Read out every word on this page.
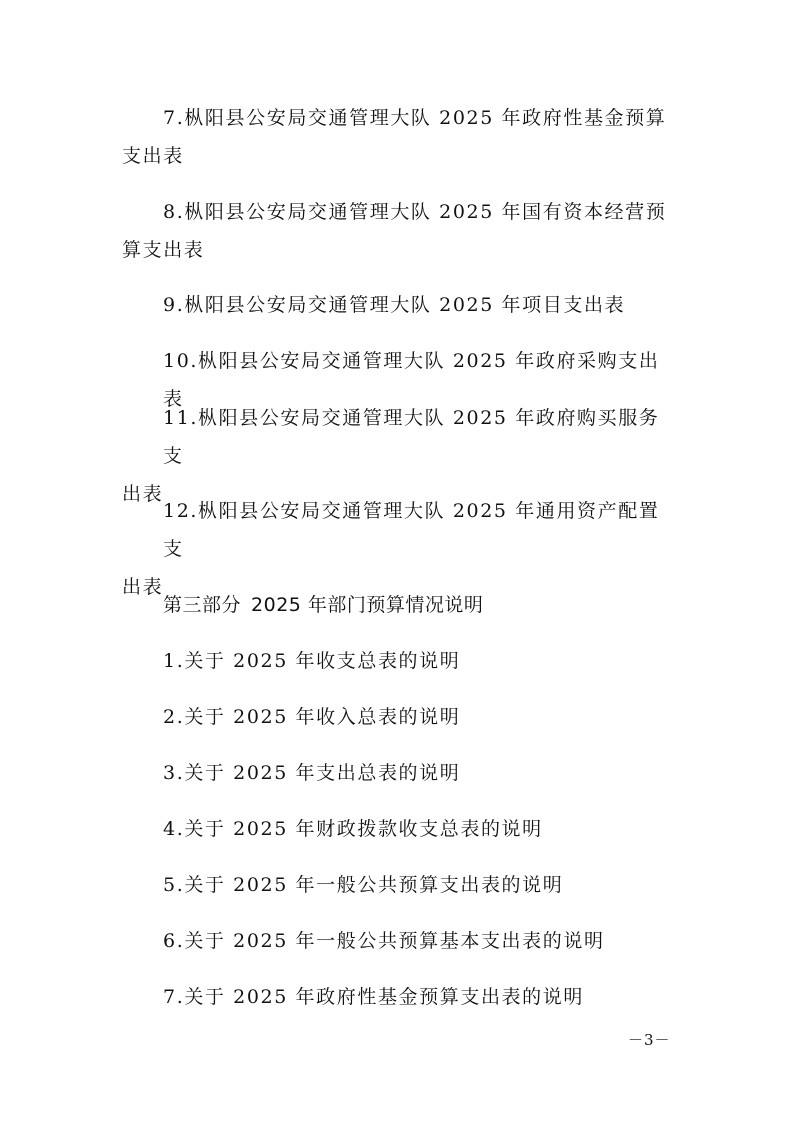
7.枞阳县公安局交通管理大队 2025 年政府性基金预算
支出表
8.枞阳县公安局交通管理大队 2025 年国有资本经营预
算支出表
9.枞阳县公安局交通管理大队 2025 年项目支出表
10.枞阳县公安局交通管理大队 2025 年政府采购支出表
11.枞阳县公安局交通管理大队 2025 年政府购买服务支
出表
12.枞阳县公安局交通管理大队 2025 年通用资产配置支
出表
第三部分 2025 年部门预算情况说明
1.关于 2025 年收支总表的说明
2.关于 2025 年收入总表的说明
3.关于 2025 年支出总表的说明
4.关于 2025 年财政拨款收支总表的说明
5.关于 2025 年一般公共预算支出表的说明
6.关于 2025 年一般公共预算基本支出表的说明
7.关于 2025 年政府性基金预算支出表的说明
－3－
